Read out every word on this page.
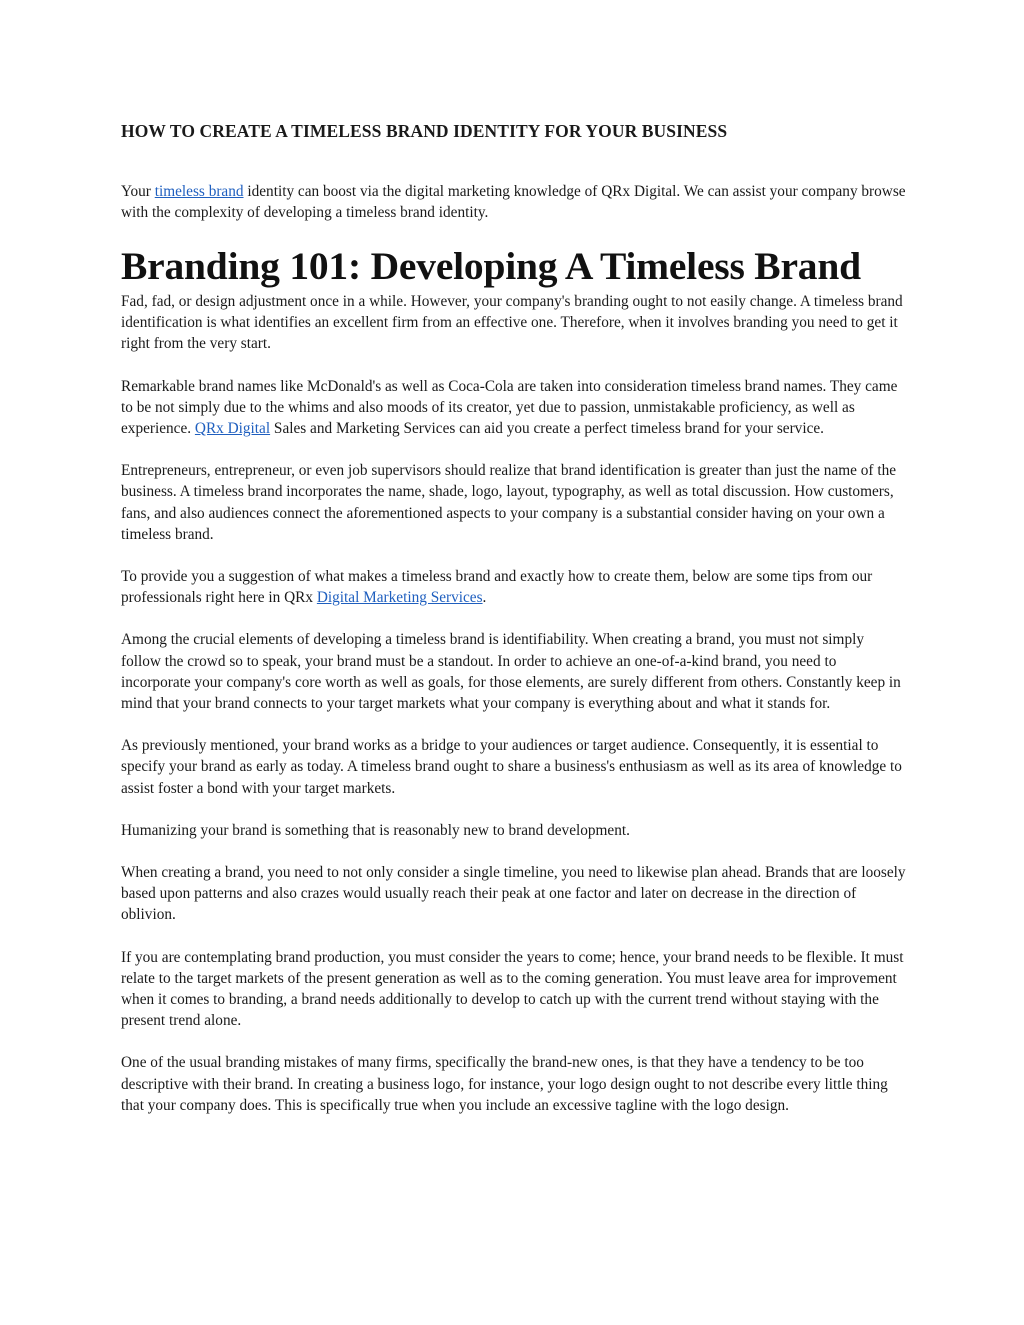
HOW TO CREATE A TIMELESS BRAND IDENTITY FOR YOUR BUSINESS

Your timeless brand identity can boost via the digital marketing knowledge of QRx Digital. We can assist your company browse with the complexity of developing a timeless brand identity.

Branding 101: Developing A Timeless Brand

Fad, fad, or design adjustment once in a while. However, your company's branding ought to not easily change. A timeless brand identification is what identifies an excellent firm from an effective one. Therefore, when it involves branding you need to get it right from the very start.

Remarkable brand names like McDonald's as well as Coca-Cola are taken into consideration timeless brand names. They came to be not simply due to the whims and also moods of its creator, yet due to passion, unmistakable proficiency, as well as experience. QRx Digital Sales and Marketing Services can aid you create a perfect timeless brand for your service.

Entrepreneurs, entrepreneur, or even job supervisors should realize that brand identification is greater than just the name of the business. A timeless brand incorporates the name, shade, logo, layout, typography, as well as total discussion. How customers, fans, and also audiences connect the aforementioned aspects to your company is a substantial consider having on your own a timeless brand.

To provide you a suggestion of what makes a timeless brand and exactly how to create them, below are some tips from our professionals right here in QRx Digital Marketing Services.

Among the crucial elements of developing a timeless brand is identifiability. When creating a brand, you must not simply follow the crowd so to speak, your brand must be a standout. In order to achieve an one-of-a-kind brand, you need to incorporate your company's core worth as well as goals, for those elements, are surely different from others. Constantly keep in mind that your brand connects to your target markets what your company is everything about and what it stands for.

As previously mentioned, your brand works as a bridge to your audiences or target audience. Consequently, it is essential to specify your brand as early as today. A timeless brand ought to share a business's enthusiasm as well as its area of knowledge to assist foster a bond with your target markets.

Humanizing your brand is something that is reasonably new to brand development.

When creating a brand, you need to not only consider a single timeline, you need to likewise plan ahead. Brands that are loosely based upon patterns and also crazes would usually reach their peak at one factor and later on decrease in the direction of oblivion.

If you are contemplating brand production, you must consider the years to come; hence, your brand needs to be flexible. It must relate to the target markets of the present generation as well as to the coming generation. You must leave area for improvement when it comes to branding, a brand needs additionally to develop to catch up with the current trend without staying with the present trend alone.

One of the usual branding mistakes of many firms, specifically the brand-new ones, is that they have a tendency to be too descriptive with their brand. In creating a business logo, for instance, your logo design ought to not describe every little thing that your company does. This is specifically true when you include an excessive tagline with the logo design.
